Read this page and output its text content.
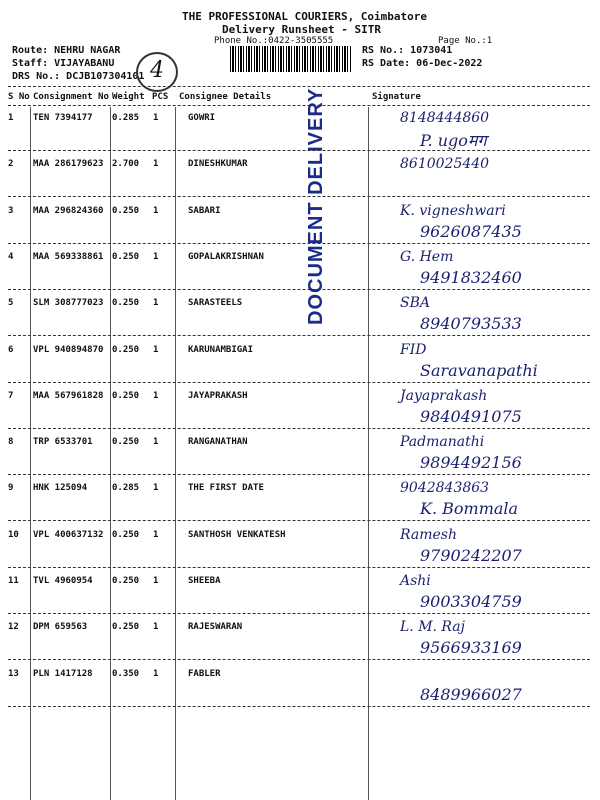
THE PROFESSIONAL COURIERS, Coimbatore
Delivery Runsheet - SITR
Phone No.:0422-3505555	Page No.:1
Route: NEHRU NAGAR
Staff: VIJAYABANU
DRS No.: DCJB107304101 4
RS No.: 1073041
RS Date: 06-Dec-2022
S No Consignment No Weight PCS Consignee Details	Signature
DOCUMENT DELIVERY
1 TEN 7394177 0.285 1	GOWRI	8148444860
P. ugoमग
2 MAA 286179623 2.700 1	DINESHKUMAR	8610025440
3 MAA 296824360 0.250 1	SABARI	K. vigneshwari
9626087435
4 MAA 569338861 0.250 1	GOPALAKRISHNAN	G. Hem
9491832460
5 SLM 308777023 0.250 1	SARASTEELS	SBA
8940793533
6 VPL 940894870 0.250 1	KARUNAMBIGAI	FID
Saravanapathi
7 MAA 567961828 0.250 1	JAYAPRAKASH	Jayaprakash
9840491075
8 TRP 6533701 0.250 1	RANGANATHAN	Padmanathi
9894492156
9 HNK 125094	0.285 1	THE FIRST DATE	9042843863
K. Bommala
10 VPL 400637132 0.250 1	SANTHOSH VENKATESH	Ramesh
9790242207
11 TVL 4960954 0.250 1	SHEEBA	Ashi
9003304759
12 DPM 659563	0.250 1	RAJESWARAN	L. M. Raj
9566933169
13 PLN 1417128 0.350 1	FABLER
8489966027
